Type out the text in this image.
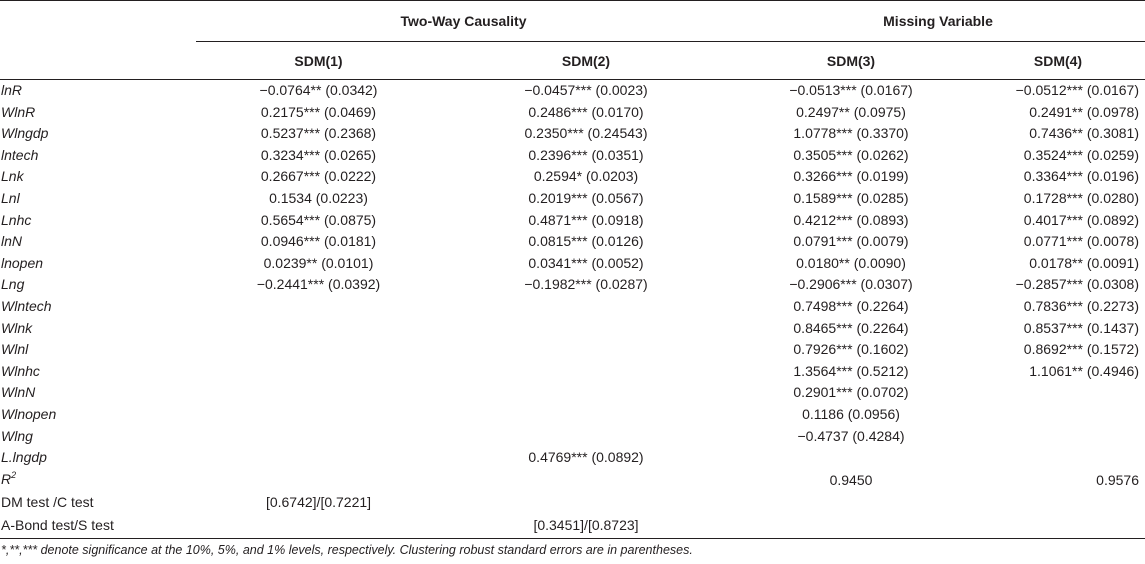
	Two-Way Causality		Missing Variable	
	SDM(1)	SDM(2)	SDM(3)	SDM(4)
lnR	−0.0764** (0.0342)	−0.0457*** (0.0023)	−0.0513*** (0.0167)	−0.0512*** (0.0167)
WlnR	0.2175*** (0.0469)	0.2486*** (0.0170)	0.2497** (0.0975)	0.2491** (0.0978)
Wlngdp	0.5237*** (0.2368)	0.2350*** (0.24543)	1.0778*** (0.3370)	0.7436** (0.3081)
lntech	0.3234*** (0.0265)	0.2396*** (0.0351)	0.3505*** (0.0262)	0.3524*** (0.0259)
Lnk	0.2667*** (0.0222)	0.2594* (0.0203)	0.3266*** (0.0199)	0.3364*** (0.0196)
Lnl	0.1534 (0.0223)	0.2019*** (0.0567)	0.1589*** (0.0285)	0.1728*** (0.0280)
Lnhc	0.5654*** (0.0875)	0.4871*** (0.0918)	0.4212*** (0.0893)	0.4017*** (0.0892)
lnN	0.0946*** (0.0181)	0.0815*** (0.0126)	0.0791*** (0.0079)	0.0771*** (0.0078)
lnopen	0.0239** (0.0101)	0.0341*** (0.0052)	0.0180** (0.0090)	0.0178** (0.0091)
Lng	−0.2441*** (0.0392)	−0.1982*** (0.0287)	−0.2906*** (0.0307)	−0.2857*** (0.0308)
Wlntech			0.7498*** (0.2264)	0.7836*** (0.2273)
Wlnk			0.8465*** (0.2264)	0.8537*** (0.1437)
Wlnl			0.7926*** (0.1602)	0.8692*** (0.1572)
Wlnhc			1.3564*** (0.5212)	1.1061** (0.4946)
WlnN			0.2901*** (0.0702)	
Wlnopen			0.1186 (0.0956)	
Wlng			−0.4737 (0.4284)	
L.lngdp		0.4769*** (0.0892)		
$R^2$			0.9450	0.9576
DM test /C test	[0.6742]/[0.7221]			
A-Bond test/S test		[0.3451]/[0.8723]		
*,**,*** denote significance at the 10%, 5%, and 1% levels, respectively. Clustering robust standard errors are in parentheses.
